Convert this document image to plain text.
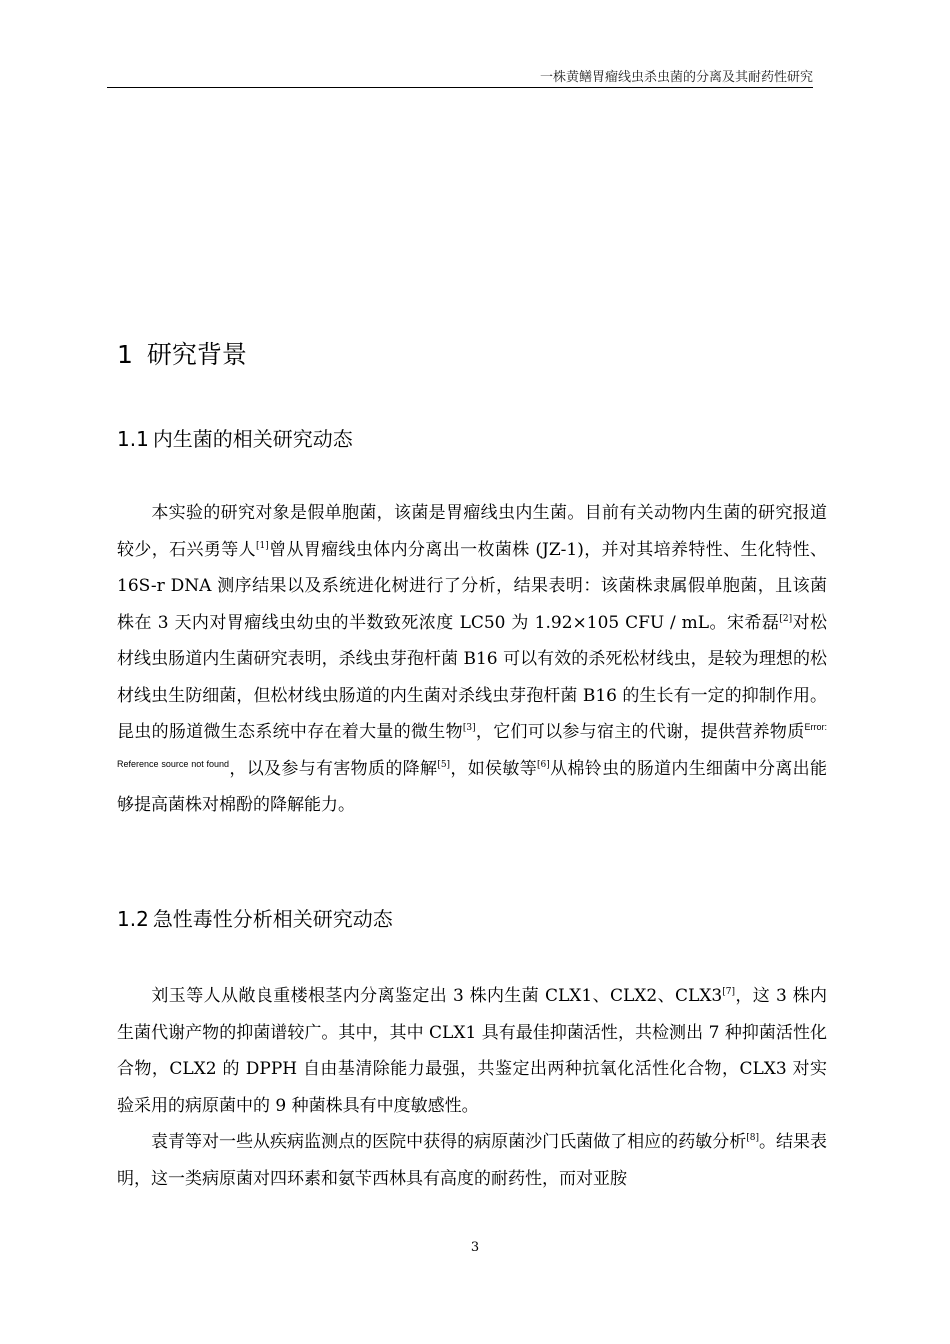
一株黄鳝胃瘤线虫杀虫菌的分离及其耐药性研究
1 研究背景
1.1 内生菌的相关研究动态

本实验的研究对象是假单胞菌，该菌是胃瘤线虫内生菌。目前有关动物内生菌的研究报道较少，石兴勇等人[1]曾从胃瘤线虫体内分离出一枚菌株 (JZ-1)，并对其培养特性、生化特性、16S-r DNA 测序结果以及系统进化树进行了分析，结果表明：该菌株隶属假单胞菌，且该菌株在 3 天内对胃瘤线虫幼虫的半数致死浓度 LC50 为 1.92×105 CFU / mL。宋希磊[2]对松材线虫肠道内生菌研究表明，杀线虫芽孢杆菌 B16 可以有效的杀死松材线虫，是较为理想的松材线虫生防细菌，但松材线虫肠道的内生菌对杀线虫芽孢杆菌 B16 的生长有一定的抑制作用。昆虫的肠道微生态系统中存在着大量的微生物[3]，它们可以参与宿主的代谢，提供营养物质$^{Error: Reference source not found}$，以及参与有害物质的降解[5]，如侯敏等[6]从棉铃虫的肠道内生细菌中分离出能够提高菌株对棉酚的降解能力。

1.2 急性毒性分析相关研究动态

刘玉等人从敞良重楼根茎内分离鉴定出 3 株内生菌 CLX1、CLX2、CLX3[7]，这 3 株内生菌代谢产物的抑菌谱较广。其中，其中 CLX1 具有最佳抑菌活性，共检测出 7 种抑菌活性化合物，CLX2 的 DPPH 自由基清除能力最强，共鉴定出两种抗氧化活性化合物，CLX3 对实验采用的病原菌中的 9 种菌株具有中度敏感性。

袁青等对一些从疾病监测点的医院中获得的病原菌沙门氏菌做了相应的药敏分析[8]。结果表明，这一类病原菌对四环素和氨苄西林具有高度的耐药性，而对亚胺

3
